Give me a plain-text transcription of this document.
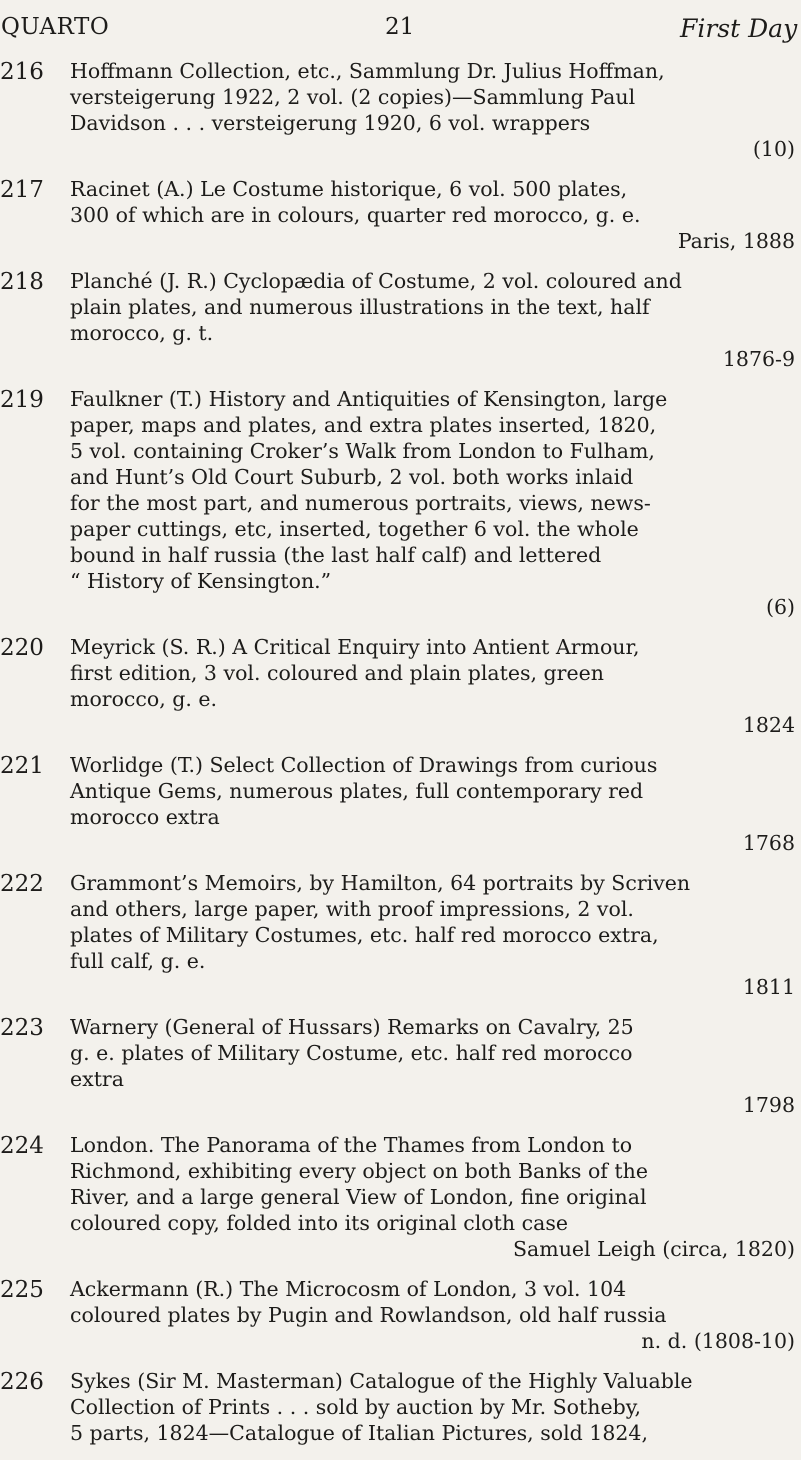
QUARTO	21	First Day
216 Hoffmann Collection, etc., Sammlung Dr. Julius Hoffman,
versteigerung 1922, 2 vol. (2 copies)—Sammlung Paul
Davidson . . . versteigerung 1920, 6 vol. wrappers
(10)
217 Racinet (A.) Le Costume historique, 6 vol. 500 plates,
300 of which are in colours, quarter red morocco, g. e.
Paris, 1888
218 Planché (J. R.) Cyclopædia of Costume, 2 vol. coloured and
plain plates, and numerous illustrations in the text, half
morocco, g. t.
1876-9
219 Faulkner (T.) History and Antiquities of Kensington, large
paper, maps and plates, and extra plates inserted, 1820,
5 vol. containing Croker’s Walk from London to Fulham,
and Hunt’s Old Court Suburb, 2 vol. both works inlaid
for the most part, and numerous portraits, views, news-
paper cuttings, etc, inserted, together 6 vol. the whole
bound in half russia (the last half calf) and lettered
“ History of Kensington.”
(6)
220 Meyrick (S. R.) A Critical Enquiry into Antient Armour,
first edition, 3 vol. coloured and plain plates, green
morocco, g. e.
1824
221 Worlidge (T.) Select Collection of Drawings from curious
Antique Gems, numerous plates, full contemporary red
morocco extra
1768
222 Grammont’s Memoirs, by Hamilton, 64 portraits by Scriven
and others, large paper, with proof impressions, 2 vol.
plates of Military Costumes, etc. half red morocco extra,
full calf, g. e.
1811
223 Warnery (General of Hussars) Remarks on Cavalry, 25
g. e. plates of Military Costume, etc. half red morocco
extra
1798
224 London. The Panorama of the Thames from London to
Richmond, exhibiting every object on both Banks of the
River, and a large general View of London, fine original
coloured copy, folded into its original cloth case
Samuel Leigh (circa, 1820)
225 Ackermann (R.) The Microcosm of London, 3 vol. 104
coloured plates by Pugin and Rowlandson, old half russia
n. d. (1808-10)
226 Sykes (Sir M. Masterman) Catalogue of the Highly Valuable
Collection of Prints . . . sold by auction by Mr. Sotheby,
5 parts, 1824—Catalogue of Italian Pictures, sold 1824,
